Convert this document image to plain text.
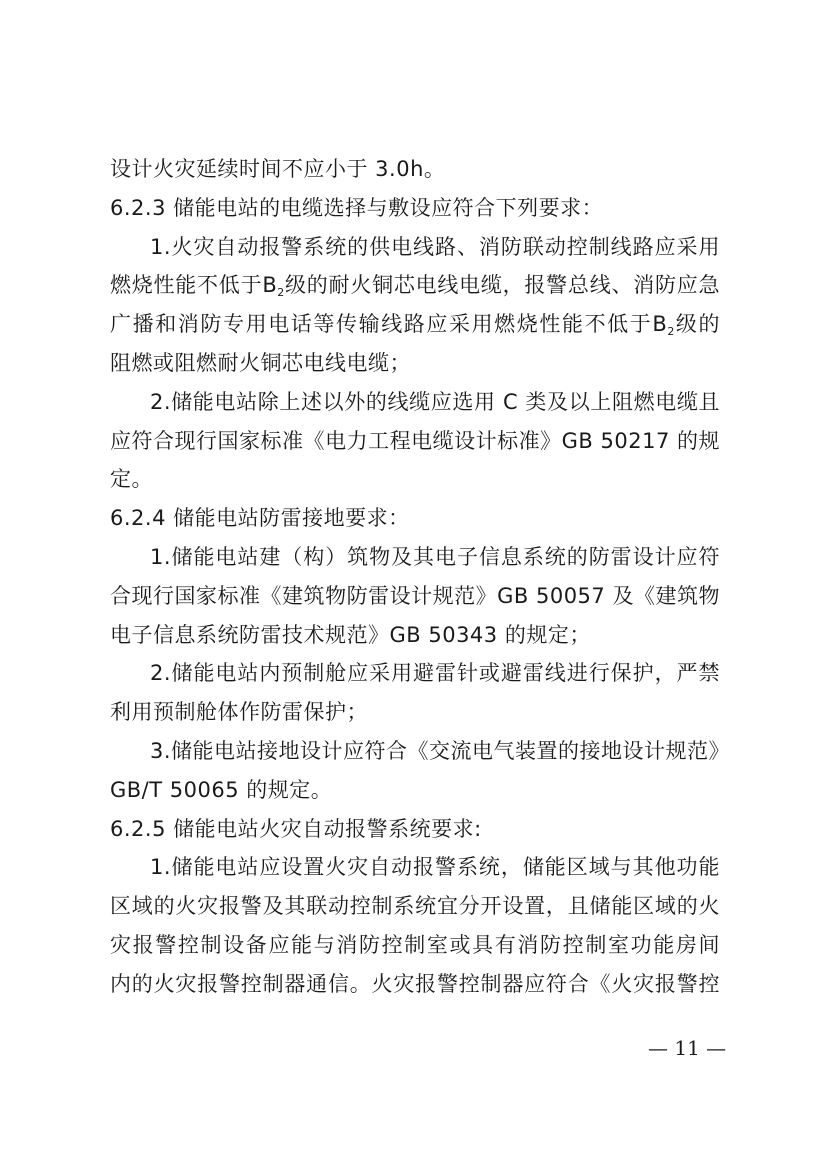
设计火灾延续时间不应小于 3.0h。
6.2.3 储能电站的电缆选择与敷设应符合下列要求：
1.火灾自动报警系统的供电线路、消防联动控制线路应采用
燃烧性能不低于$B_2$级的耐火铜芯电线电缆，报警总线、消防应急
广播和消防专用电话等传输线路应采用燃烧性能不低于$B_2$级的
阻燃或阻燃耐火铜芯电线电缆；
2.储能电站除上述以外的线缆应选用 C 类及以上阻燃电缆且
应符合现行国家标准《电力工程电缆设计标准》GB 50217 的规
定。
6.2.4 储能电站防雷接地要求：
1.储能电站建（构）筑物及其电子信息系统的防雷设计应符
合现行国家标准《建筑物防雷设计规范》GB 50057 及《建筑物
电子信息系统防雷技术规范》GB 50343 的规定；
2.储能电站内预制舱应采用避雷针或避雷线进行保护，严禁
利用预制舱体作防雷保护；
3.储能电站接地设计应符合《交流电气装置的接地设计规范》
GB/T 50065 的规定。
6.2.5 储能电站火灾自动报警系统要求:
1.储能电站应设置火灾自动报警系统，储能区域与其他功能
区域的火灾报警及其联动控制系统宜分开设置，且储能区域的火
灾报警控制设备应能与消防控制室或具有消防控制室功能房间
内的火灾报警控制器通信。火灾报警控制器应符合《火灾报警控
— 11 —
